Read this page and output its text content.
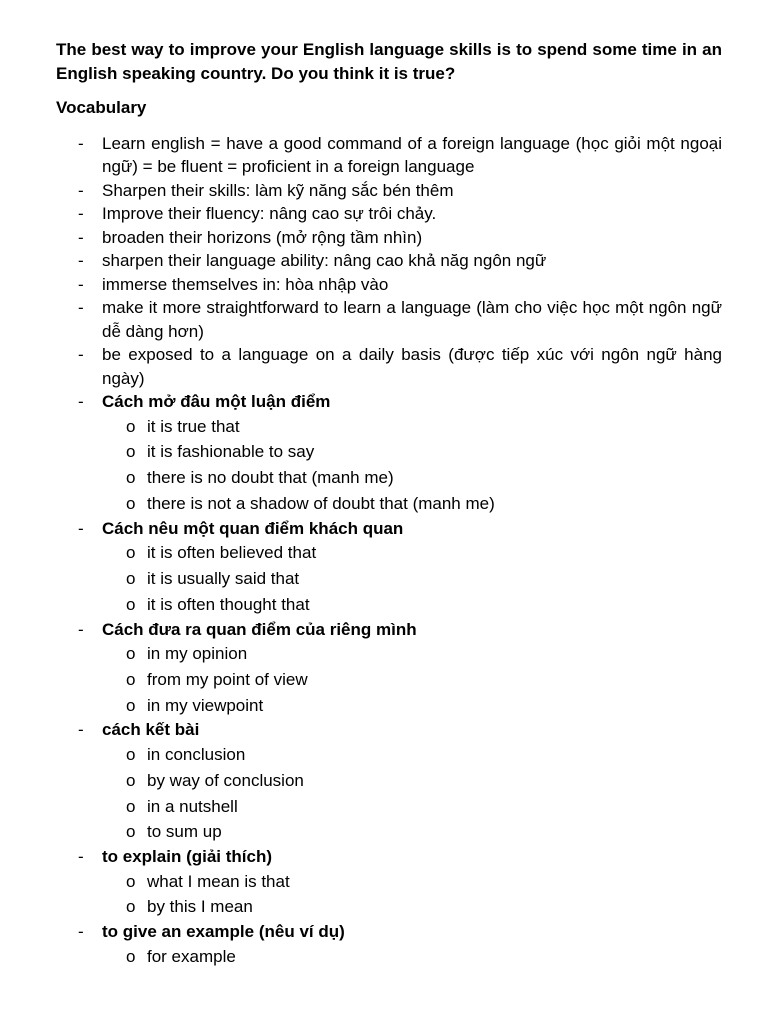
The best way to improve your English language skills is to spend some time in an English speaking country. Do you think it is true?

Vocabulary

- Learn english = have a good command of a foreign language (học giỏi một ngoại ngữ) = be fluent = proficient in a foreign language
- Sharpen their skills: làm kỹ năng sắc bén thêm
- Improve their fluency: nâng cao sự trôi chảy.
- broaden their horizons (mở rộng tầm nhìn)
- sharpen their language ability: nâng cao khả năg ngôn ngữ
- immerse themselves in: hòa nhập vào
- make it more straightforward to learn a language (làm cho việc học một ngôn ngữ dễ dàng hơn)
- be exposed to a language on a daily basis (được tiếp xúc với ngôn ngữ hàng ngày)
- Cách mở đâu một luận điểm
o it is true that
o it is fashionable to say
o there is no doubt that (manh me)
o there is not a shadow of doubt that (manh me)
- Cách nêu một quan điểm khách quan
o it is often believed that
o it is usually said that
o it is often thought that
- Cách đưa ra quan điểm của riêng mình
o in my opinion
o from my point of view
o in my viewpoint
- cách kết bài
o in conclusion
o by way of conclusion
o in a nutshell
o to sum up
- to explain (giải thích)
o what I mean is that
o by this I mean
- to give an example (nêu ví dụ)
o for example
